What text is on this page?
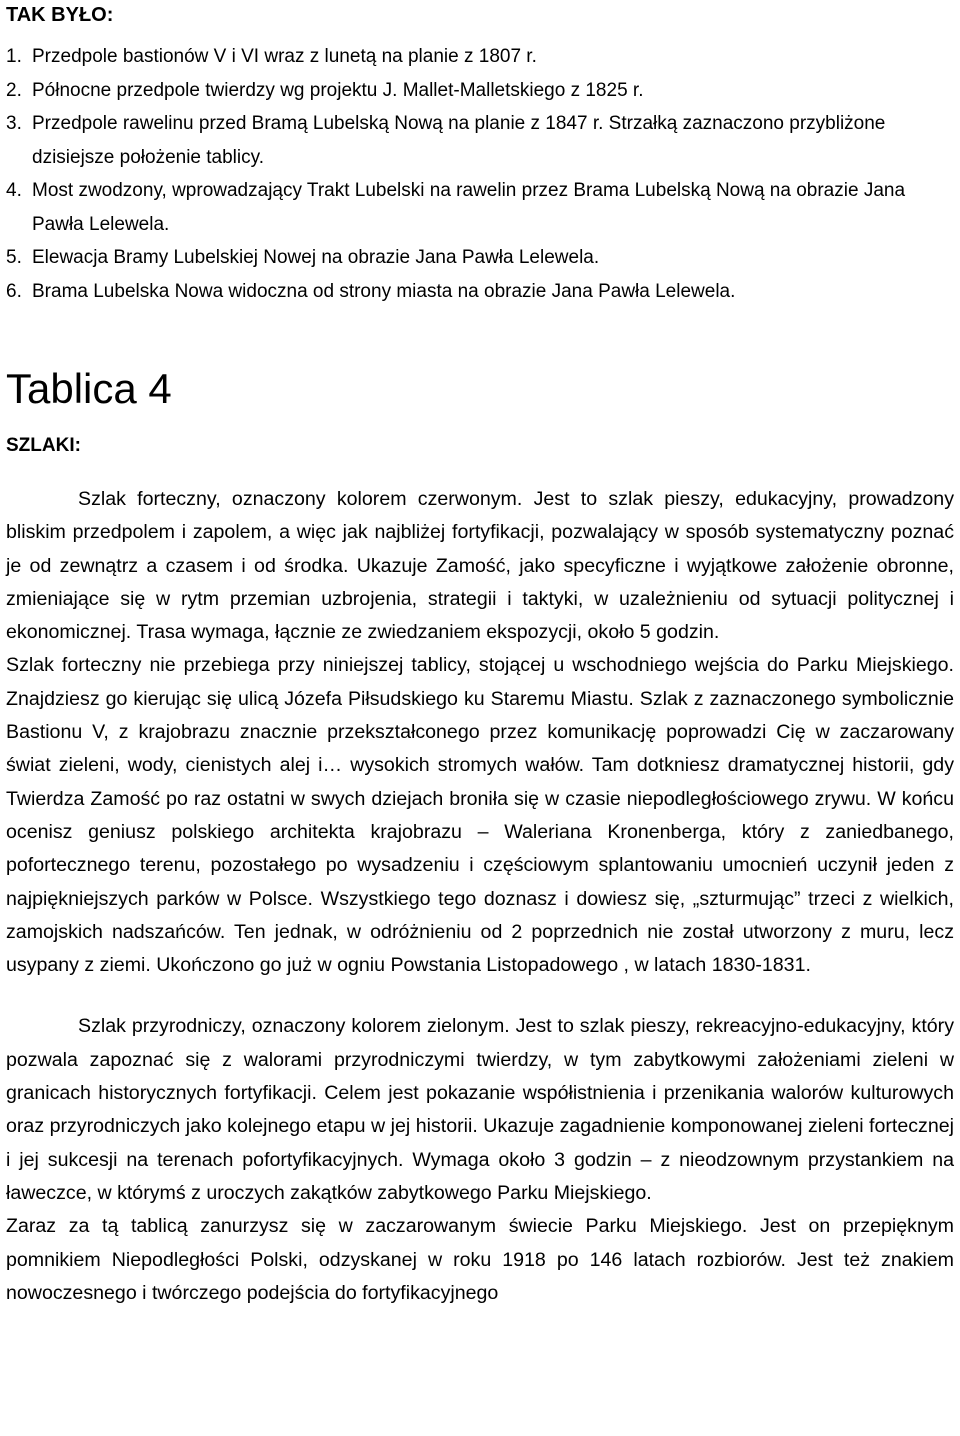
TAK BYŁO:
1. Przedpole bastionów V i VI wraz z lunetą na planie z 1807 r.
2. Północne przedpole twierdzy wg projektu J. Mallet-Malletskiego z 1825 r.
3. Przedpole rawelinu przed Bramą Lubelską Nową na planie z 1847 r. Strzałką zaznaczono przybliżone dzisiejsze położenie tablicy.
4. Most zwodzony, wprowadzający Trakt Lubelski na rawelin przez Brama Lubelską Nową na obrazie Jana Pawła Lelewela.
5. Elewacja Bramy Lubelskiej Nowej na obrazie Jana Pawła Lelewela.
6. Brama Lubelska Nowa widoczna od strony miasta na obrazie Jana Pawła Lelewela.
Tablica 4
SZLAKI:

Szlak forteczny, oznaczony kolorem czerwonym. Jest to szlak pieszy, edukacyjny, prowadzony bliskim przedpolem i zapolem, a więc jak najbliżej fortyfikacji, pozwalający w sposób systematyczny poznać je od zewnątrz a czasem i od środka. Ukazuje Zamość, jako specyficzne i wyjątkowe założenie obronne, zmieniające się w rytm przemian uzbrojenia, strategii i taktyki, w uzależnieniu od sytuacji politycznej i ekonomicznej. Trasa wymaga, łącznie ze zwiedzaniem ekspozycji, około 5 godzin.

Szlak forteczny nie przebiega przy niniejszej tablicy, stojącej u wschodniego wejścia do Parku Miejskiego. Znajdziesz go kierując się ulicą Józefa Piłsudskiego ku Staremu Miastu. Szlak z zaznaczonego symbolicznie Bastionu V, z krajobrazu znacznie przekształconego przez komunikację poprowadzi Cię w zaczarowany świat zieleni, wody, cienistych alej i… wysokich stromych wałów. Tam dotkniesz dramatycznej historii, gdy Twierdza Zamość po raz ostatni w swych dziejach broniła się w czasie niepodległościowego zrywu. W końcu ocenisz geniusz polskiego architekta krajobrazu – Waleriana Kronenberga, który z zaniedbanego, pofortecznego terenu, pozostałego po wysadzeniu i częściowym splantowaniu umocnień uczynił jeden z najpiękniejszych parków w Polsce. Wszystkiego tego doznasz i dowiesz się, „szturmując” trzeci z wielkich, zamojskich nadszańców. Ten jednak, w odróżnieniu od 2 poprzednich nie został utworzony z muru, lecz usypany z ziemi. Ukończono go już w ogniu Powstania Listopadowego , w latach 1830-1831.

Szlak przyrodniczy, oznaczony kolorem zielonym. Jest to szlak pieszy, rekreacyjno-edukacyjny, który pozwala zapoznać się z walorami przyrodniczymi twierdzy, w tym zabytkowymi założeniami zieleni w granicach historycznych fortyfikacji. Celem jest pokazanie współistnienia i przenikania walorów kulturowych oraz przyrodniczych jako kolejnego etapu w jej historii. Ukazuje zagadnienie komponowanej zieleni fortecznej i jej sukcesji na terenach pofortyfikacyjnych. Wymaga około 3 godzin – z nieodzownym przystankiem na ławeczce, w którymś z uroczych zakątków zabytkowego Parku Miejskiego.

Zaraz za tą tablicą zanurzysz się w zaczarowanym świecie Parku Miejskiego. Jest on przepięknym pomnikiem Niepodległości Polski, odzyskanej w roku 1918 po 146 latach rozbiorów. Jest też znakiem nowoczesnego i twórczego podejścia do fortyfikacyjnego
